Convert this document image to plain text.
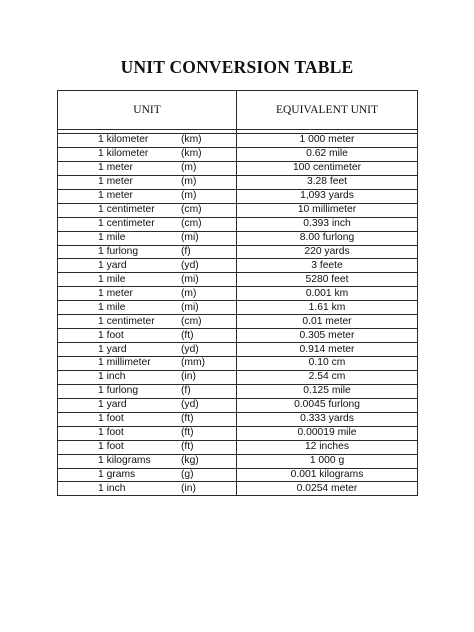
UNIT CONVERSION TABLE
UNIT	EQUIVALENT UNIT

1 kilometer (km)	1 000 meter

1 kilometer (km)	0.62 mile

1 meter (m)	100 centimeter

1 meter (m)	3.28 feet

1 meter (m)	1,093 yards

1 centimeter (cm)	10 millimeter

1 centimeter (cm)	0.393 inch

1 mile (mi)	8.00 furlong

1 furlong (f)	220 yards

1 yard (yd)	3 feete

1 mile (mi)	5280 feet

1 meter (m)	0.001 km

1 mile (mi)	1.61 km

1 centimeter (cm)	0.01 meter

1 foot (ft)	0.305 meter

1 yard (yd)	0.914 meter

1 millimeter (mm)	0.10 cm

1 inch (in)	2.54 cm

1 furlong (f)	0.125 mile

1 yard (yd)	0.0045 furlong

1 foot (ft)	0.333 yards

1 foot (ft)	0.00019 mile

1 foot (ft)	12 inches

1 kilograms (kg)	1 000 g

1 grams (g)	0.001 kilograms

1 inch (in)	0.0254 meter
